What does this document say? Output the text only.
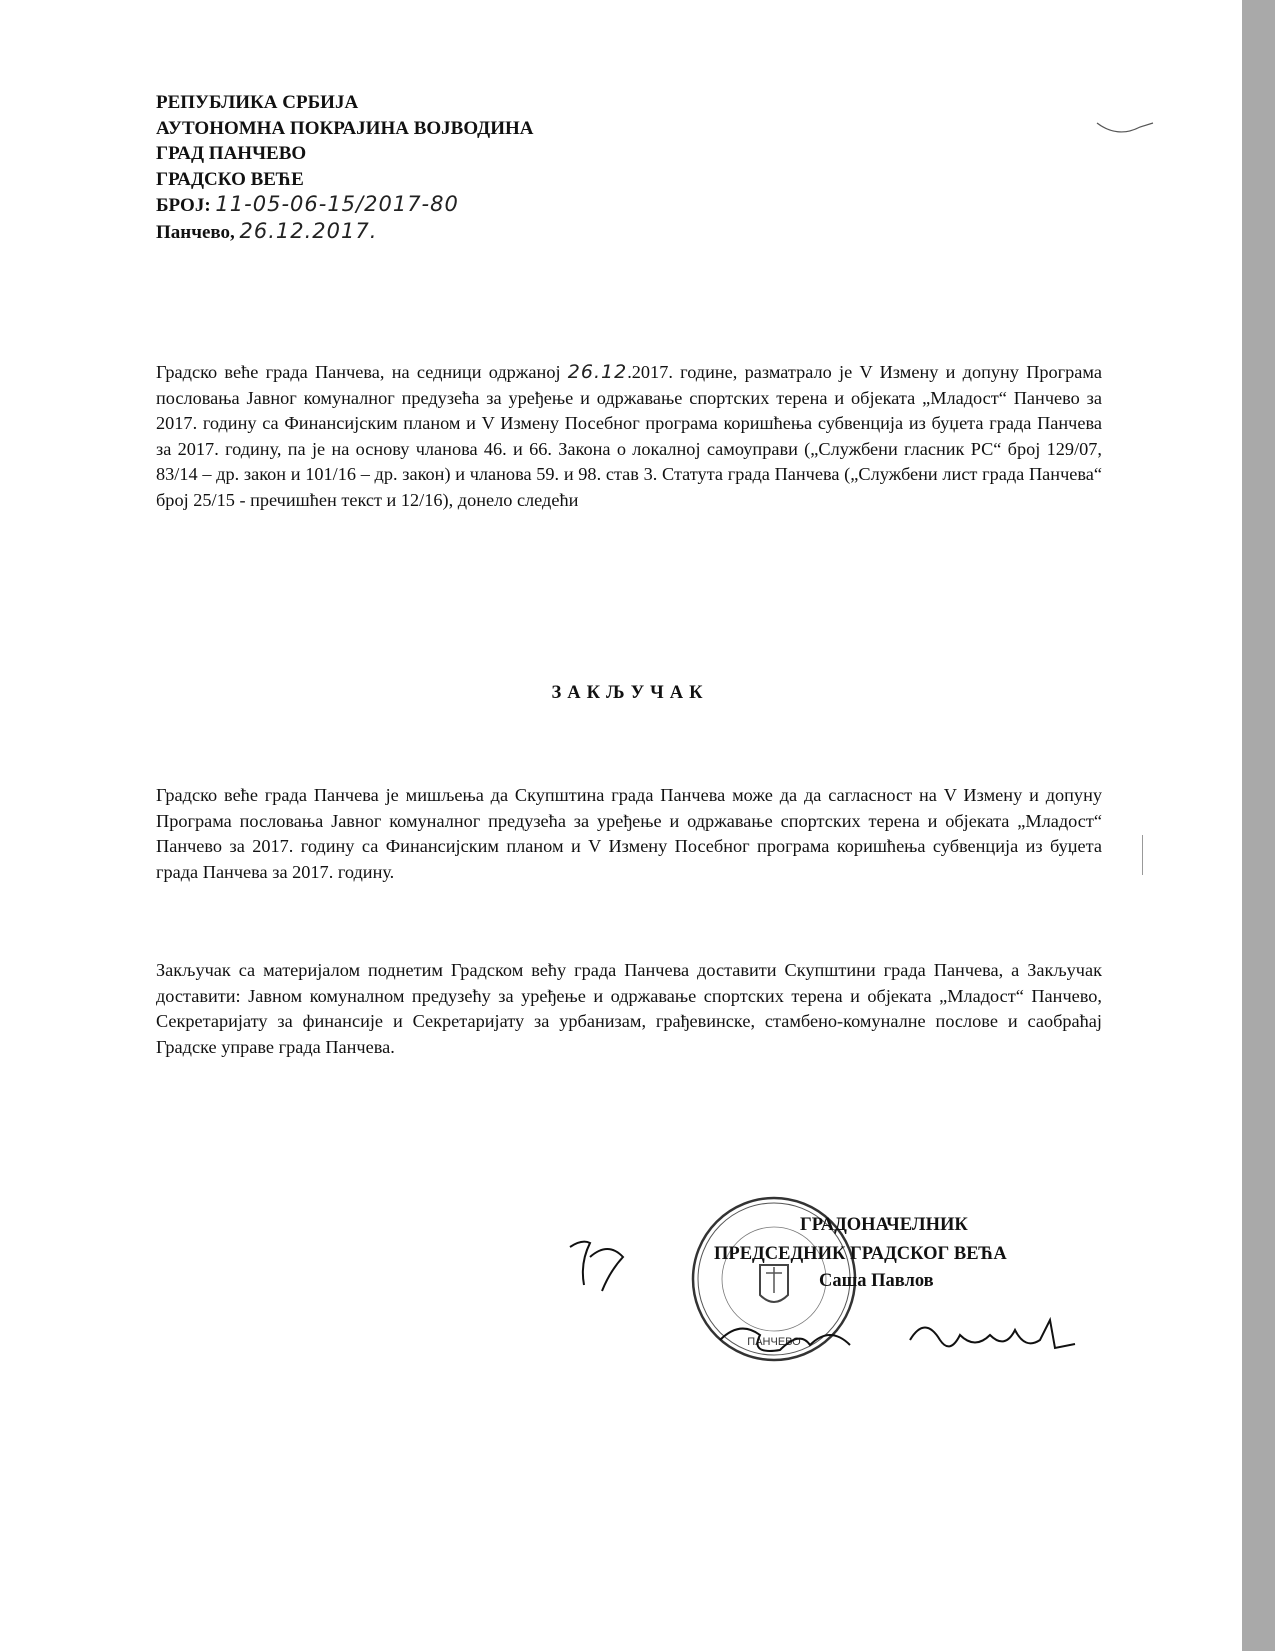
РЕПУБЛИКА СРБИЈА
АУТОНОМНА ПОКРАЈИНА ВОЈВОДИНА
ГРАД ПАНЧЕВО
ГРАДСКО ВЕЋЕ
БРОЈ: 11-05-06-15/2017-80
Панчево, 26.12.2017.
Градско веће града Панчева, на седници одржаној 26.12.2017. године, разматрало је V Измену и допуну Програма пословања Јавног комуналног предузећа за уређење и одржавање спортских терена и објеката „Младост“ Панчево за 2017. годину са Финансијским планом и V Измену Посебног програма коришћења субвенција из буџета града Панчева за 2017. годину, па је на основу чланова 46. и 66. Закона о локалној самоуправи („Службени гласник РС“ број 129/07, 83/14 – др. закон и 101/16 – др. закон) и чланова 59. и 98. став 3. Статута града Панчева („Службени лист града Панчева“ број 25/15 - пречишћен текст и 12/16), донело следећи
ЗАКЉУЧАК
Градско веће града Панчева је мишљења да Скупштина града Панчева може да да сагласност на V Измену и допуну Програма пословања Јавног комуналног предузећа за уређење и одржавање спортских терена и објеката „Младост“ Панчево за 2017. годину са Финансијским планом и V Измену Посебног програма коришћења субвенција из буџета града Панчева за 2017. годину.
Закључак са материјалом поднетим Градском већу града Панчева доставити Скупштини града Панчева, а Закључак доставити: Јавном комуналном предузећу за уређење и одржавање спортских терена и објеката „Младост“ Панчево, Секретаријату за финансије и Секретаријату за урбанизам, грађевинске, стамбено-комуналне послове и саобраћај Градске управе града Панчева.
ПАНЧЕВО
ГРАДОНАЧЕЛНИК
ПРЕДСЕДНИК ГРАДСКОГ ВЕЋА
Саша Павлов
